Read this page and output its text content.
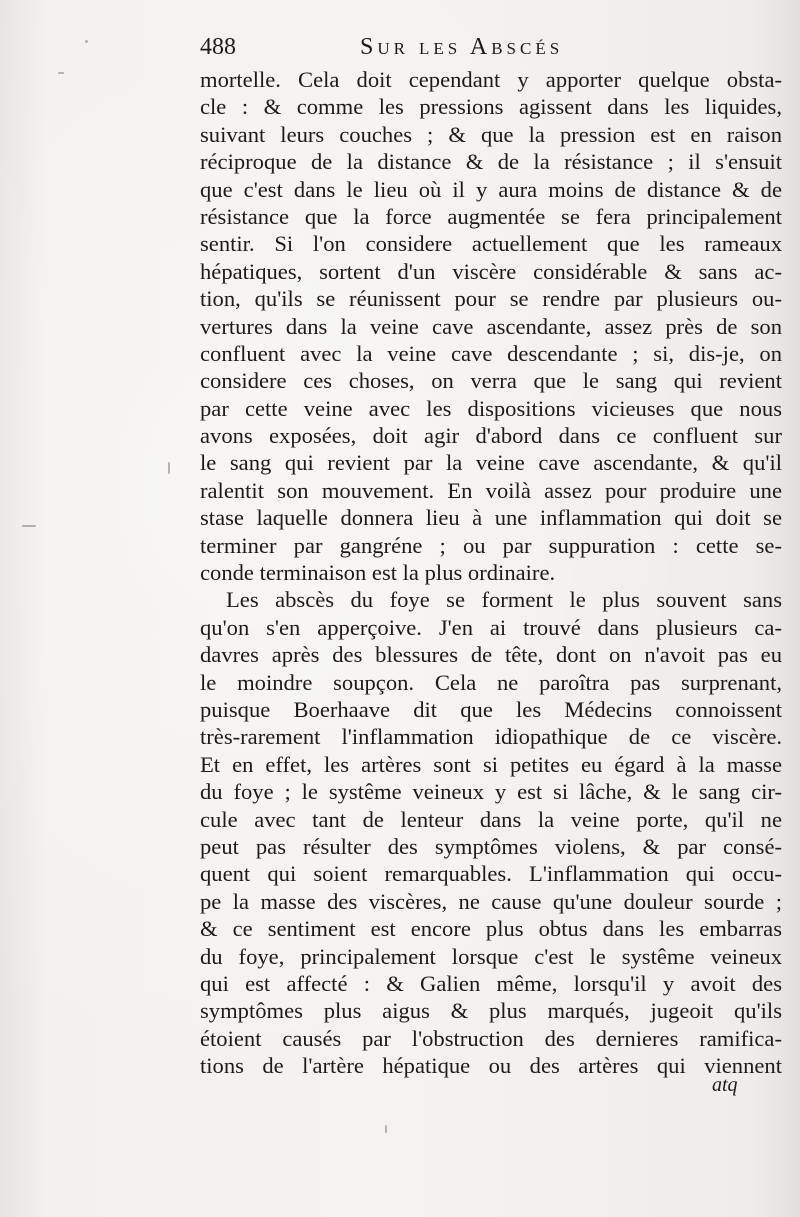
488	Sur les Abscés
mortelle. Cela doit cependant y apporter quelque obsta-
cle : & comme les pressions agissent dans les liquides,
suivant leurs couches ; & que la pression est en raison
réciproque de la distance & de la résistance ; il s'ensuit
que c'est dans le lieu où il y aura moins de distance & de
résistance que la force augmentée se fera principalement
sentir. Si l'on considere actuellement que les rameaux
hépatiques, sortent d'un viscère considérable & sans ac-
tion, qu'ils se réunissent pour se rendre par plusieurs ou-
vertures dans la veine cave ascendante, assez près de son
confluent avec la veine cave descendante ; si, dis-je, on
considere ces choses, on verra que le sang qui revient
par cette veine avec les dispositions vicieuses que nous
avons exposées, doit agir d'abord dans ce confluent sur
le sang qui revient par la veine cave ascendante, & qu'il
ralentit son mouvement. En voilà assez pour produire une
stase laquelle donnera lieu à une inflammation qui doit se
terminer par gangréne ; ou par suppuration : cette se-
conde terminaison est la plus ordinaire.
Les abscès du foye se forment le plus souvent sans
qu'on s'en apperçoive. J'en ai trouvé dans plusieurs ca-
davres après des blessures de tête, dont on n'avoit pas eu
le moindre soupçon. Cela ne paroîtra pas surprenant,
puisque Boerhaave dit que les Médecins connoissent
très-rarement l'inflammation idiopathique de ce viscère.
Et en effet, les artères sont si petites eu égard à la masse
du foye ; le systême veineux y est si lâche, & le sang cir-
cule avec tant de lenteur dans la veine porte, qu'il ne
peut pas résulter des symptômes violens, & par consé-
quent qui soient remarquables. L'inflammation qui occu-
pe la masse des viscères, ne cause qu'une douleur sourde ;
& ce sentiment est encore plus obtus dans les embarras
du foye, principalement lorsque c'est le systême veineux
qui est affecté : & Galien même, lorsqu'il y avoit des
symptômes plus aigus & plus marqués, jugeoit qu'ils
étoient causés par l'obstruction des dernieres ramifica-
tions de l'artère hépatique ou des artères qui viennent
atq
